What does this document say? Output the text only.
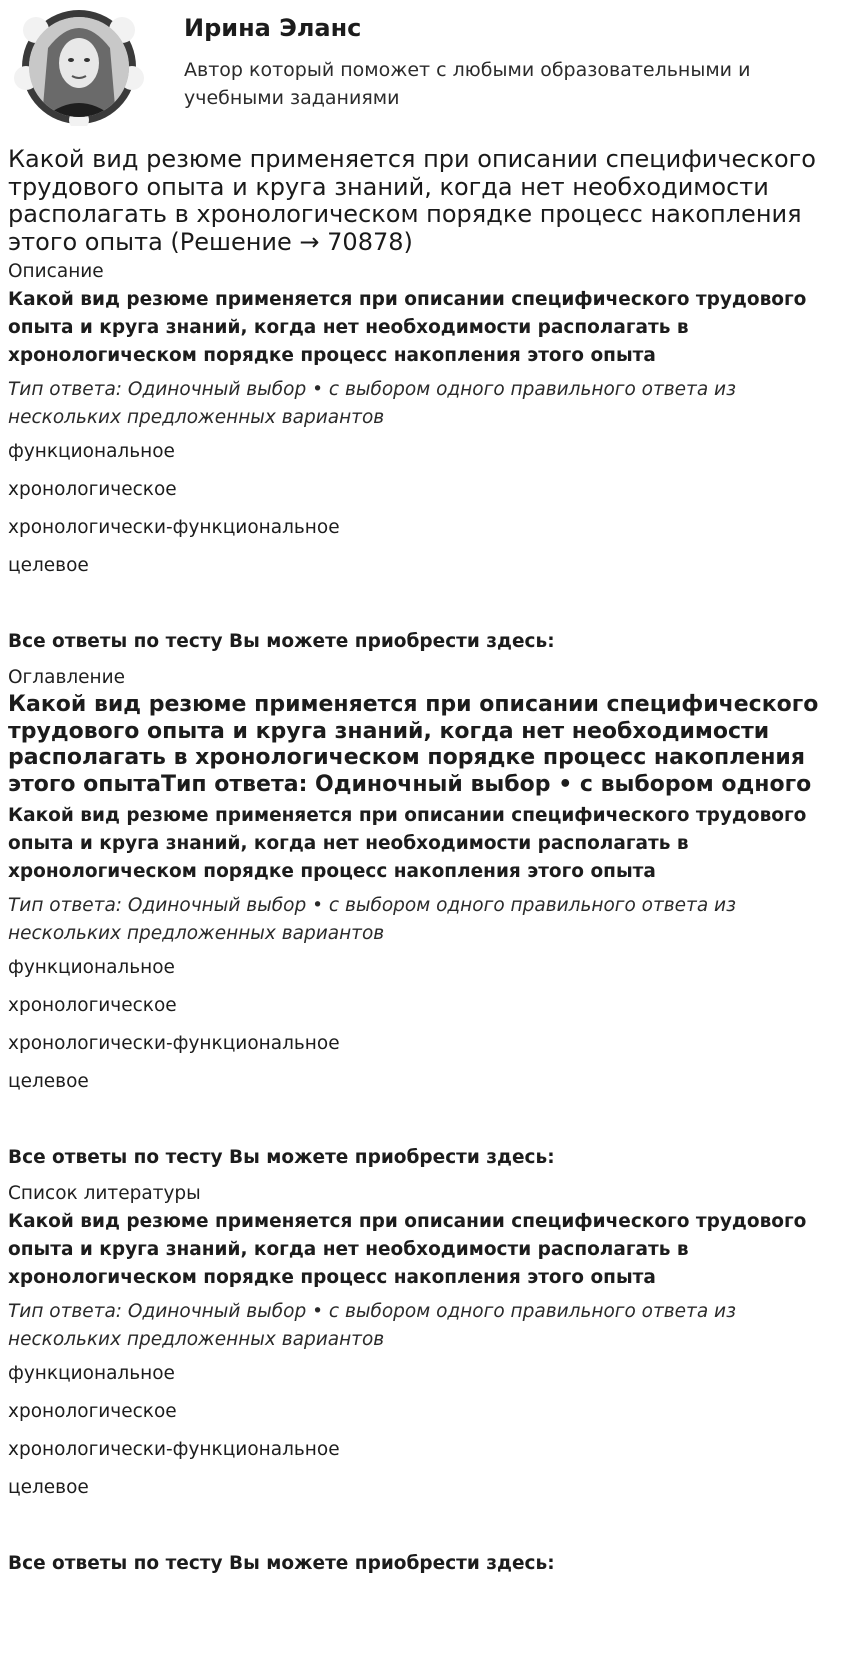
Ирина Эланс

Автор который поможет с любыми образовательными и учебными заданиями

Какой вид резюме применяется при описании специфического трудового опыта и круга знаний, когда нет необходимости располагать в хронологическом порядке процесс накопления этого опыта (Решение → 70878)

Описание

Какой вид резюме применяется при описании специфического трудового опыта и круга знаний, когда нет необходимости располагать в хронологическом порядке процесс накопления этого опыта

Тип ответа: Одиночный выбор • с выбором одного правильного ответа из нескольких предложенных вариантов

функциональное

хронологическое

хронологически-функциональное

целевое

Все ответы по тесту Вы можете приобрести здесь:

Оглавление

Какой вид резюме применяется при описании специфического трудового опыта и круга знаний, когда нет необходимости располагать в хронологическом порядке процесс накопления этого опытаТип ответа: Одиночный выбор • с выбором одного

Какой вид резюме применяется при описании специфического трудового опыта и круга знаний, когда нет необходимости располагать в хронологическом порядке процесс накопления этого опыта

Тип ответа: Одиночный выбор • с выбором одного правильного ответа из нескольких предложенных вариантов

функциональное

хронологическое

хронологически-функциональное

целевое

Все ответы по тесту Вы можете приобрести здесь:

Список литературы

Какой вид резюме применяется при описании специфического трудового опыта и круга знаний, когда нет необходимости располагать в хронологическом порядке процесс накопления этого опыта

Тип ответа: Одиночный выбор • с выбором одного правильного ответа из нескольких предложенных вариантов

функциональное

хронологическое

хронологически-функциональное

целевое

Все ответы по тесту Вы можете приобрести здесь:
